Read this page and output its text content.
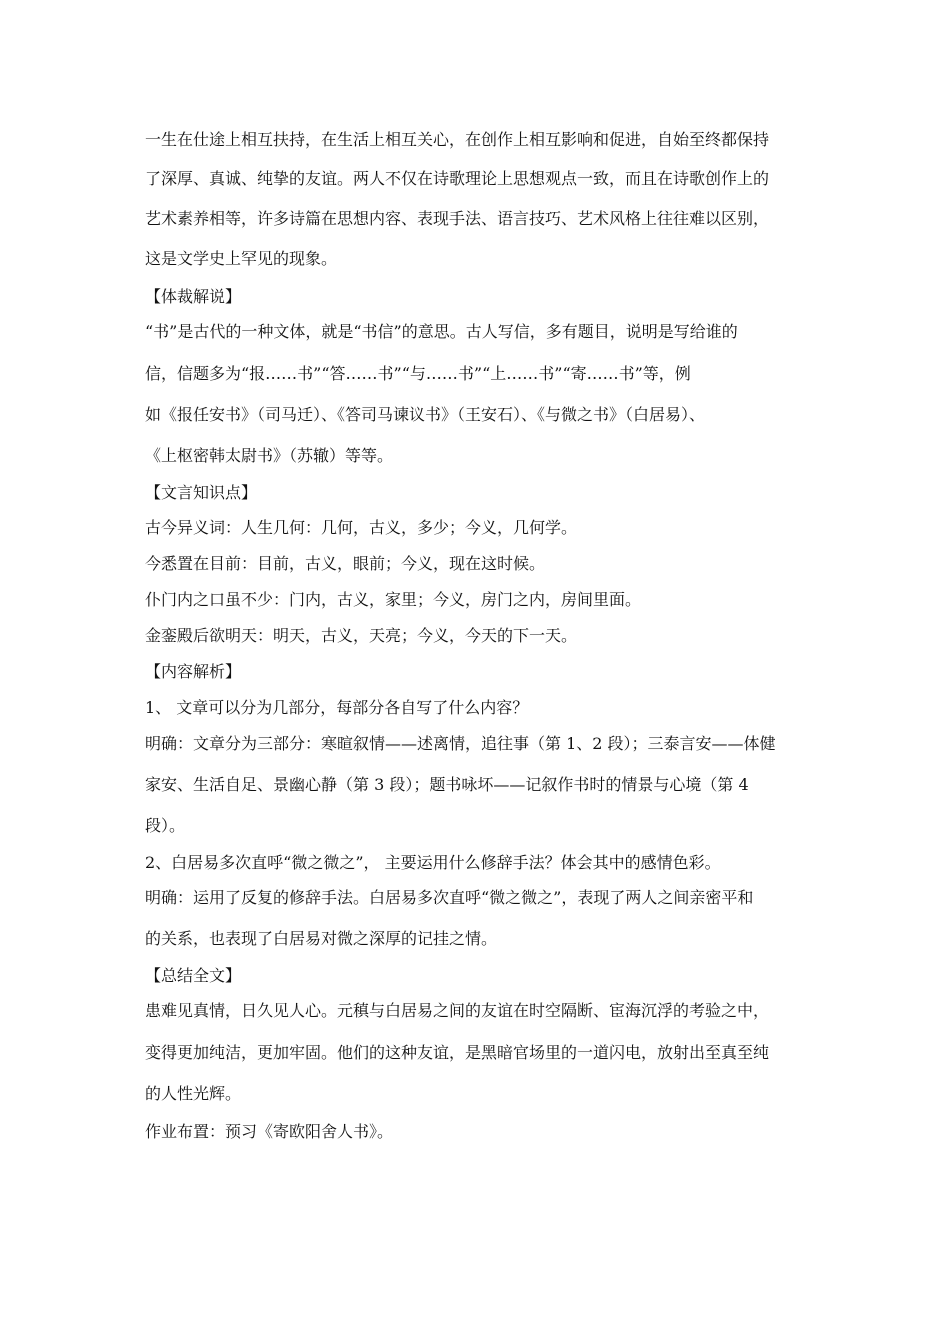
一生在仕途上相互扶持，在生活上相互关心，在创作上相互影响和促进，自始至终都保持
了深厚、真诚、纯挚的友谊。两人不仅在诗歌理论上思想观点一致，而且在诗歌创作上的
艺术素养相等，许多诗篇在思想内容、表现手法、语言技巧、艺术风格上往往难以区别，
这是文学史上罕见的现象。
【体裁解说】
“书”是古代的一种文体，就是“书信”的意思。古人写信，多有题目，说明是写给谁的
信，信题多为“报……书”“答……书”“与……书”“上……书”“寄……书”等，例
如《报任安书》（司马迁）、《答司马谏议书》（王安石）、《与微之书》（白居易）、
《上枢密韩太尉书》（苏辙）等等。
【文言知识点】
古今异义词：人生几何：几何，古义，多少；今义，几何学。
今悉置在目前：目前，古义，眼前；今义，现在这时候。
仆门内之口虽不少：门内，古义，家里；今义，房门之内，房间里面。
金銮殿后欲明天：明天，古义，天亮；今义，今天的下一天。
【内容解析】
1、 文章可以分为几部分，每部分各自写了什么内容？
明确：文章分为三部分：寒暄叙情——述离情，追往事（第 1、2 段）；三泰言安——体健
家安、生活自足、景幽心静（第 3 段）；题书咏坏——记叙作书时的情景与心境（第 4
段）。
2、白居易多次直呼“微之微之”， 主要运用什么修辞手法？体会其中的感情色彩。
明确：运用了反复的修辞手法。白居易多次直呼“微之微之”，表现了两人之间亲密平和
的关系，也表现了白居易对微之深厚的记挂之情。
【总结全文】
患难见真情，日久见人心。元稹与白居易之间的友谊在时空隔断、宦海沉浮的考验之中，
变得更加纯洁，更加牢固。他们的这种友谊，是黑暗官场里的一道闪电，放射出至真至纯
的人性光辉。
作业布置：预习《寄欧阳舍人书》。
